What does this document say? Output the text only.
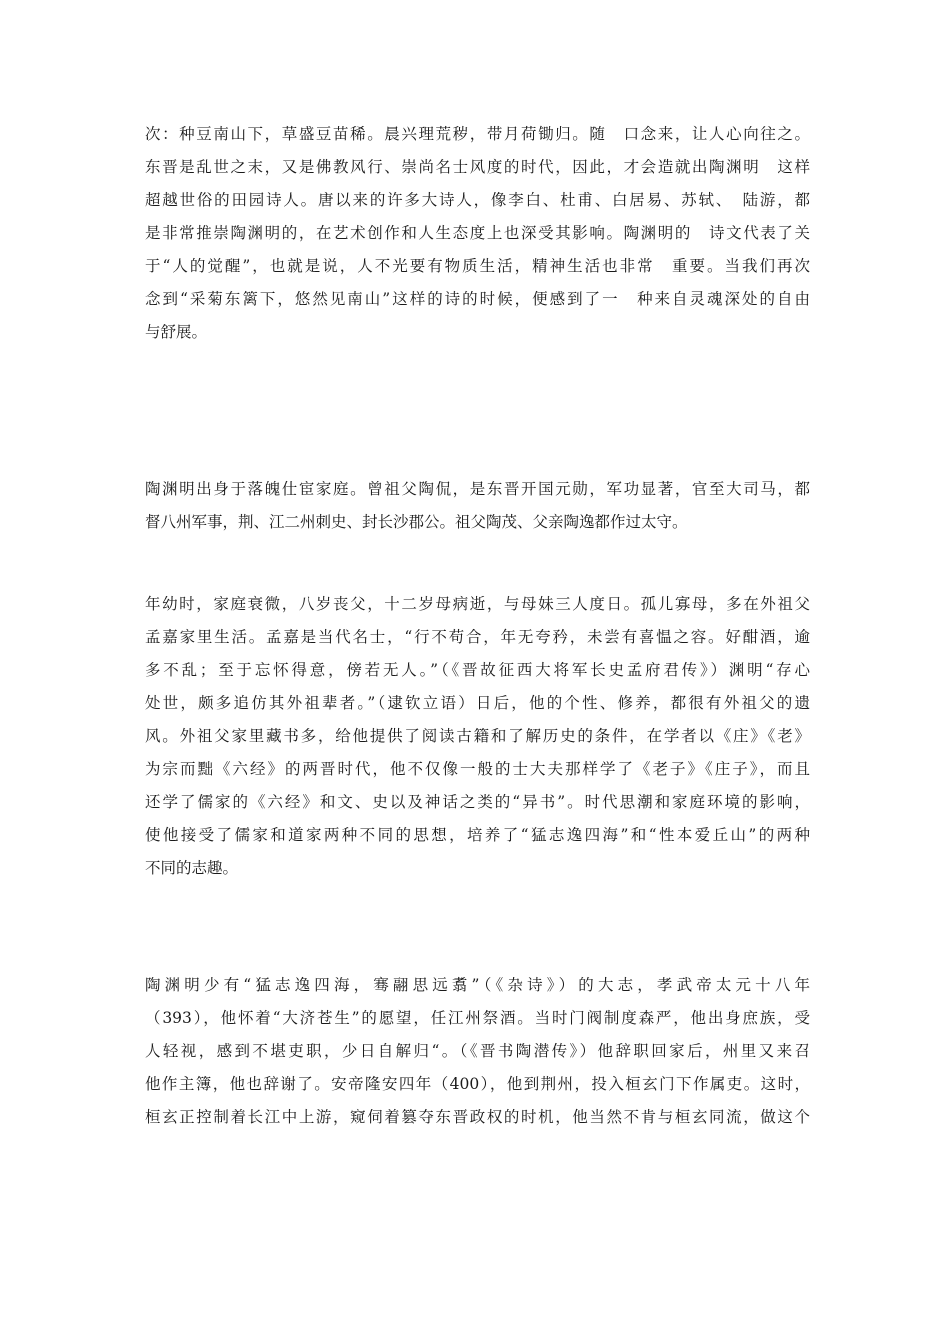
次：种豆南山下，草盛豆苗稀。晨兴理荒秽，带月荷锄归。随　口念来，让人心向往之。
东晋是乱世之末，又是佛教风行、崇尚名士风度的时代，因此，才会造就出陶渊明　这样
超越世俗的田园诗人。唐以来的许多大诗人，像李白、杜甫、白居易、苏轼、　陆游，都
是非常推崇陶渊明的，在艺术创作和人生态度上也深受其影响。陶渊明的　诗文代表了关
于“人的觉醒”，也就是说，人不光要有物质生活，精神生活也非常　重要。当我们再次
念到“采菊东篱下，悠然见南山”这样的诗的时候，便感到了一　种来自灵魂深处的自由
与舒展。
陶渊明出身于落魄仕宦家庭。曾祖父陶侃，是东晋开国元勋，军功显著，官至大司马，都
督八州军事，荆、江二州刺史、封长沙郡公。祖父陶茂、父亲陶逸都作过太守。
年幼时，家庭衰微，八岁丧父，十二岁母病逝，与母妹三人度日。孤儿寡母，多在外祖父
孟嘉家里生活。孟嘉是当代名士，“行不苟合，年无夸矜，未尝有喜愠之容。好酣酒，逾
多不乱；至于忘怀得意，傍若无人。”（《晋故征西大将军长史孟府君传》）渊明“存心
处世，颇多追仿其外祖辈者。”（逮钦立语）日后，他的个性、修养，都很有外祖父的遗
风。外祖父家里藏书多，给他提供了阅读古籍和了解历史的条件，在学者以《庄》《老》
为宗而黜《六经》的两晋时代，他不仅像一般的士大夫那样学了《老子》《庄子》，而且
还学了儒家的《六经》和文、史以及神话之类的“异书”。时代思潮和家庭环境的影响，
使他接受了儒家和道家两种不同的思想，培养了“猛志逸四海”和“性本爱丘山”的两种
不同的志趣。
陶渊明少有“猛志逸四海，骞翮思远翥”（《杂诗》）的大志，孝武帝太元十八年
（393），他怀着“大济苍生”的愿望，任江州祭酒。当时门阀制度森严，他出身庶族，受
人轻视，感到不堪吏职，少日自解归“。（《晋书陶潜传》）他辞职回家后，州里又来召
他作主簿，他也辞谢了。安帝隆安四年（400），他到荆州，投入桓玄门下作属吏。这时，
桓玄正控制着长江中上游，窥伺着篡夺东晋政权的时机，他当然不肯与桓玄同流，做这个
